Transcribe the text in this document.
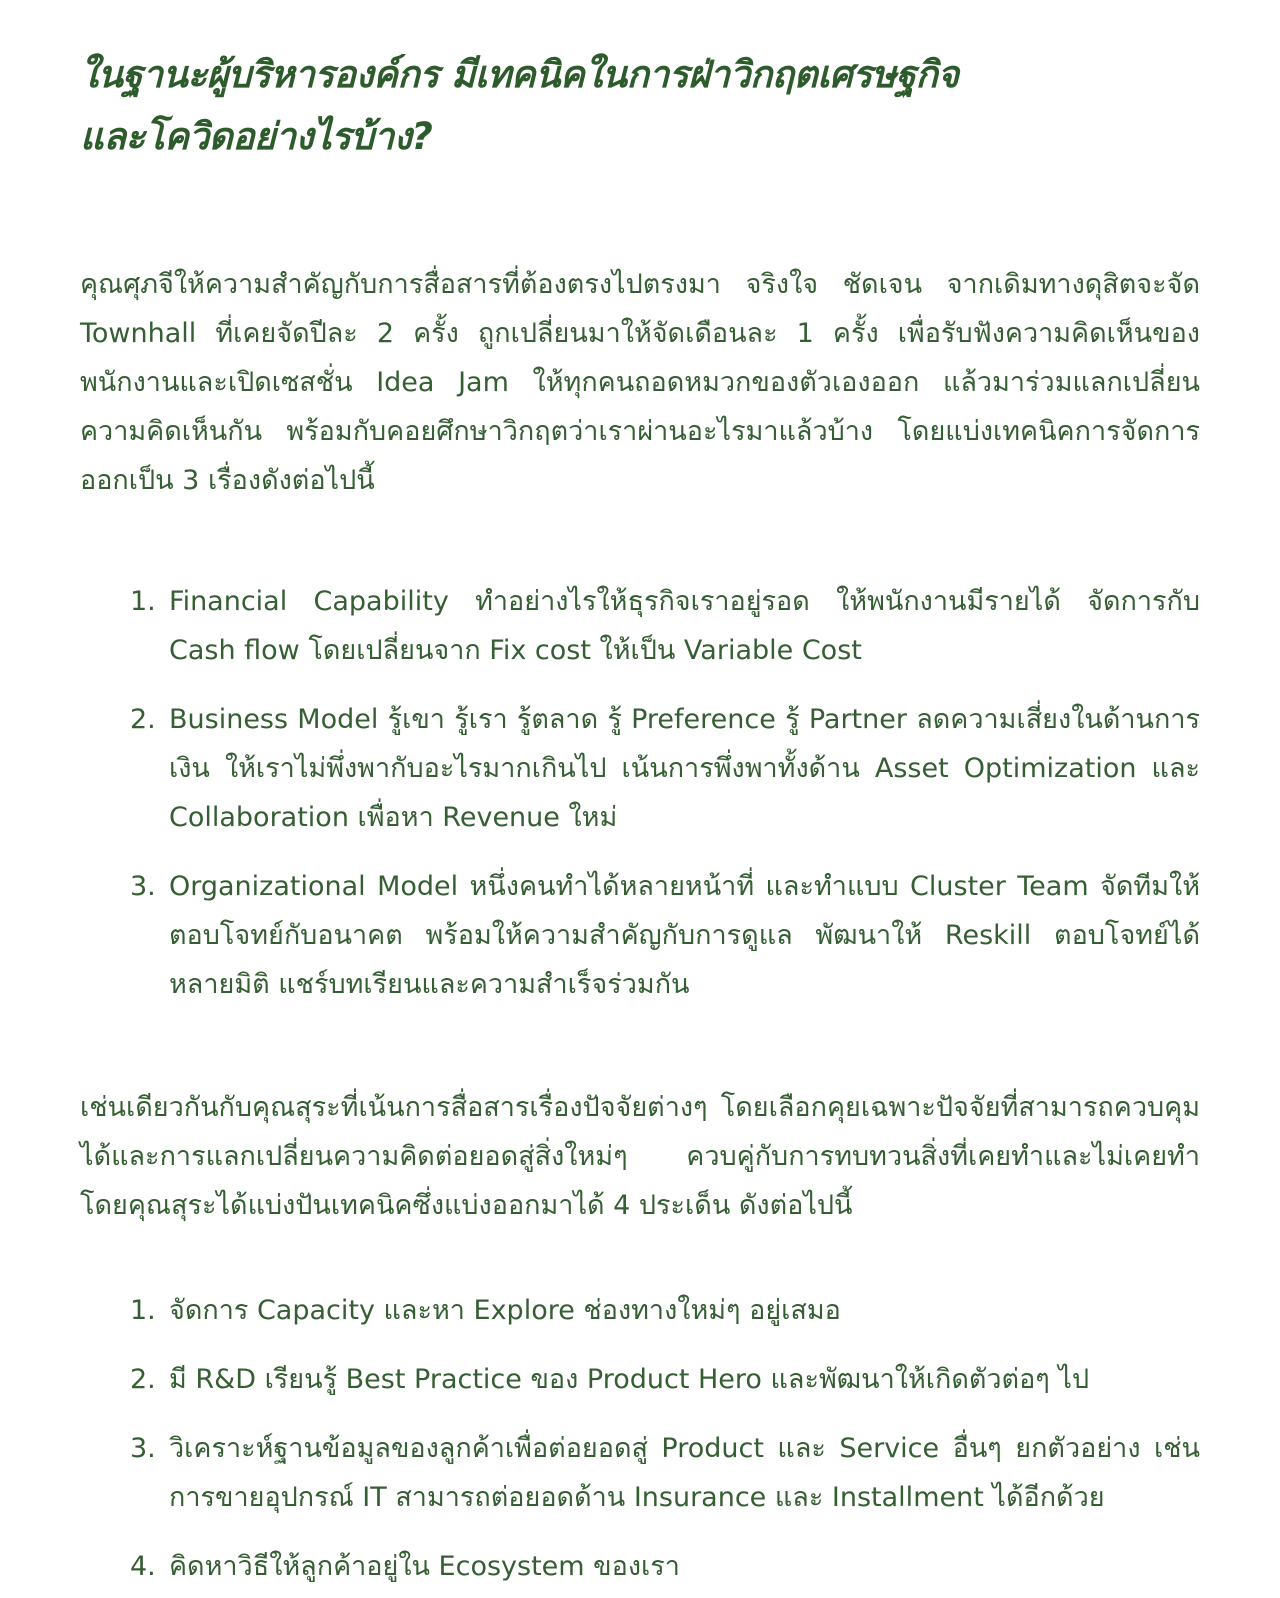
ในฐานะผู้บริหารองค์กร มีเทคนิคในการฝ่าวิกฤตเศรษฐกิจ
และโควิดอย่างไรบ้าง?

คุณศุภจีให้ความสำคัญกับการสื่อสารที่ต้องตรงไปตรงมา จริงใจ ชัดเจน จากเดิมทางดุสิตจะจัด Townhall ที่เคยจัดปีละ 2 ครั้ง ถูกเปลี่ยนมาให้จัดเดือนละ 1 ครั้ง เพื่อรับฟังความคิดเห็นของพนักงานและเปิดเซสชั่น Idea Jam ให้ทุกคนถอดหมวกของตัวเองออก แล้วมาร่วมแลกเปลี่ยนความคิดเห็นกัน พร้อมกับคอยศึกษาวิกฤตว่าเราผ่านอะไรมาแล้วบ้าง โดยแบ่งเทคนิคการจัดการออกเป็น 3 เรื่องดังต่อไปนี้

1. Financial Capability ทำอย่างไรให้ธุรกิจเราอยู่รอด ให้พนักงานมีรายได้ จัดการกับ Cash flow โดยเปลี่ยนจาก Fix cost ให้เป็น Variable Cost
2. Business Model รู้เขา รู้เรา รู้ตลาด รู้ Preference รู้ Partner ลดความเสี่ยงในด้านการเงิน ให้เราไม่พึ่งพากับอะไรมากเกินไป เน้นการพึ่งพาทั้งด้าน Asset Optimization และ Collaboration เพื่อหา Revenue ใหม่
3. Organizational Model หนึ่งคนทำได้หลายหน้าที่ และทำแบบ Cluster Team จัดทีมให้ตอบโจทย์กับอนาคต พร้อมให้ความสำคัญกับการดูแล พัฒนาให้ Reskill ตอบโจทย์ได้หลายมิติ แชร์บทเรียนและความสำเร็จร่วมกัน

เช่นเดียวกันกับคุณสุระที่เน้นการสื่อสารเรื่องปัจจัยต่างๆ โดยเลือกคุยเฉพาะปัจจัยที่สามารถควบคุมได้และการแลกเปลี่ยนความคิดต่อยอดสู่สิ่งใหม่ๆ ควบคู่กับการทบทวนสิ่งที่เคยทำและไม่เคยทำ โดยคุณสุระได้แบ่งปันเทคนิคซึ่งแบ่งออกมาได้ 4 ประเด็น ดังต่อไปนี้

1. จัดการ Capacity และหา Explore ช่องทางใหม่ๆ อยู่เสมอ
2. มี R&D เรียนรู้ Best Practice ของ Product Hero และพัฒนาให้เกิดตัวต่อๆ ไป
3. วิเคราะห์ฐานข้อมูลของลูกค้าเพื่อต่อยอดสู่ Product และ Service อื่นๆ ยกตัวอย่าง เช่น การขายอุปกรณ์ IT สามารถต่อยอดด้าน Insurance และ Installment ได้อีกด้วย
4. คิดหาวิธีให้ลูกค้าอยู่ใน Ecosystem ของเรา
